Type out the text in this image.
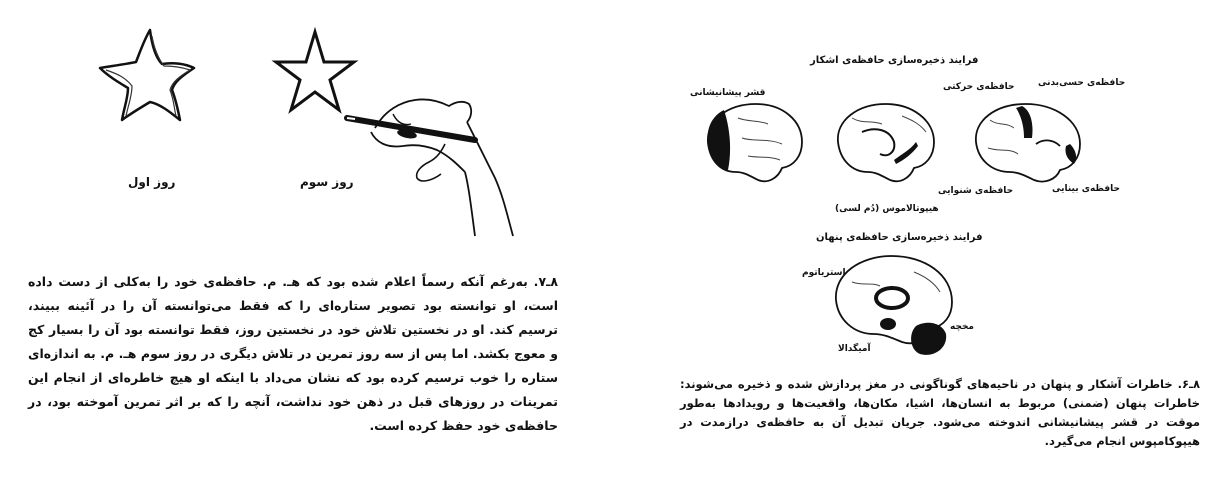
روز اول	روز سوم

۸ـ۷. به‌رغم آنکه رسماً اعلام شده بود که هـ. م. حافظه‌ی خود را به‌کلی از دست داده است، او توانسته بود تصویر ستاره‌ای را که فقط می‌توانسته آن را در آئینه ببیند، ترسیم کند. او در نخستین تلاش خود در نخستین روز، فقط توانسته بود آن را بسیار کج و معوج بکشد. اما پس از سه روز تمرین در تلاش دیگری در روز سوم هـ. م. به اندازه‌ای ستاره را خوب ترسیم کرده بود که نشان می‌داد با اینکه او هیچ خاطره‌ای از انجام این تمرینات در روزهای قبل در ذهن خود نداشت، آنچه را که بر اثر تمرین آموخته بود، در حافظه‌ی خود حفظ کرده است.

فرایند ذخیره‌سازی حافظه‌ی اشکار
قشر پیشانیشانی
هیپوتالاموس (دُم لسی)
حافظه‌ی حرکتی	حافظه‌ی حسی‌بدنی
حافظه‌ی شنوایی	حافظه‌ی بینایی
فرایند ذخیره‌سازی حافظه‌ی پنهان
استریاتوم
مخچه
آمیگدالا

۸ـ۶. خاطرات آشکار و پنهان در ناحیه‌های گوناگونی در مغز پردازش شده و ذخیره می‌شوند: خاطرات پنهان (ضمنی) مربوط به انسان‌ها، اشیا، مکان‌ها، واقعیت‌ها و رویدادها به‌طور موقت در قشر پیشانیشانی اندوخته می‌شود. جریان تبدیل آن به حافظه‌ی درازمدت در هیپوکامپوس انجام می‌گیرد.
